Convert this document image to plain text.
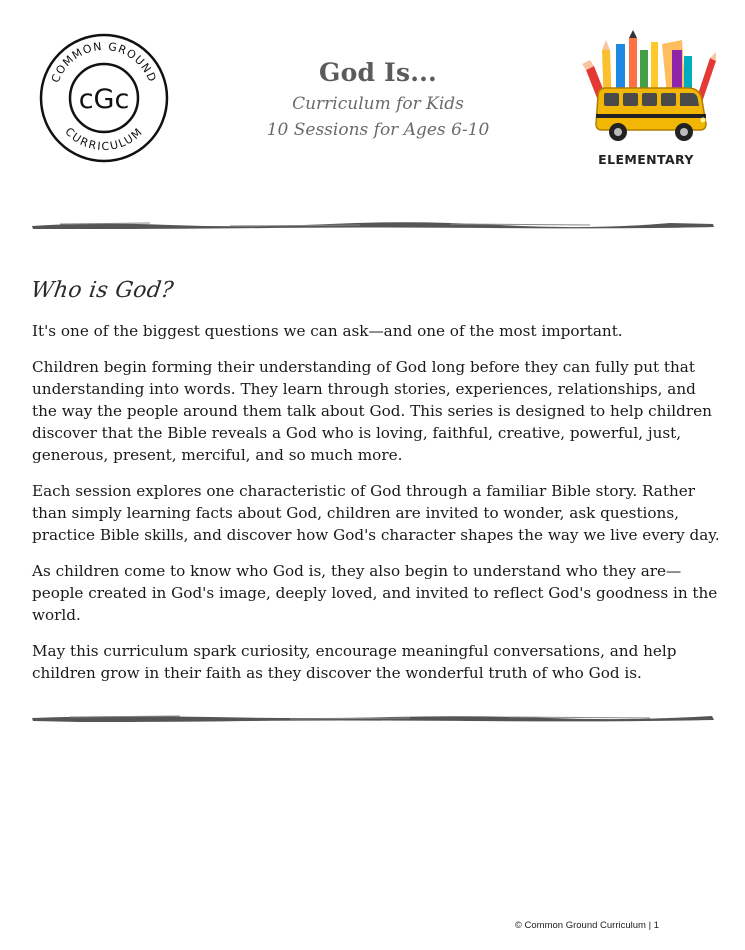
COMMON GROUND
CURRICULUM
cGc
God Is...
Curriculum for Kids
10 Sessions for Ages 6-10
ELEMENTARY
Who is God?

It's one of the biggest questions we can ask—and one of the most important.

Children begin forming their understanding of God long before they can fully put that understanding into words. They learn through stories, experiences, relationships, and the way the people around them talk about God. This series is designed to help children discover that the Bible reveals a God who is loving, faithful, creative, powerful, just, generous, present, merciful, and so much more.

Each session explores one characteristic of God through a familiar Bible story. Rather than simply learning facts about God, children are invited to wonder, ask questions, practice Bible skills, and discover how God's character shapes the way we live every day.

As children come to know who God is, they also begin to understand who they are—people created in God's image, deeply loved, and invited to reflect God's goodness in the world.

May this curriculum spark curiosity, encourage meaningful conversations, and help children grow in their faith as they discover the wonderful truth of who God is.

© Common Ground Curriculum | 1
